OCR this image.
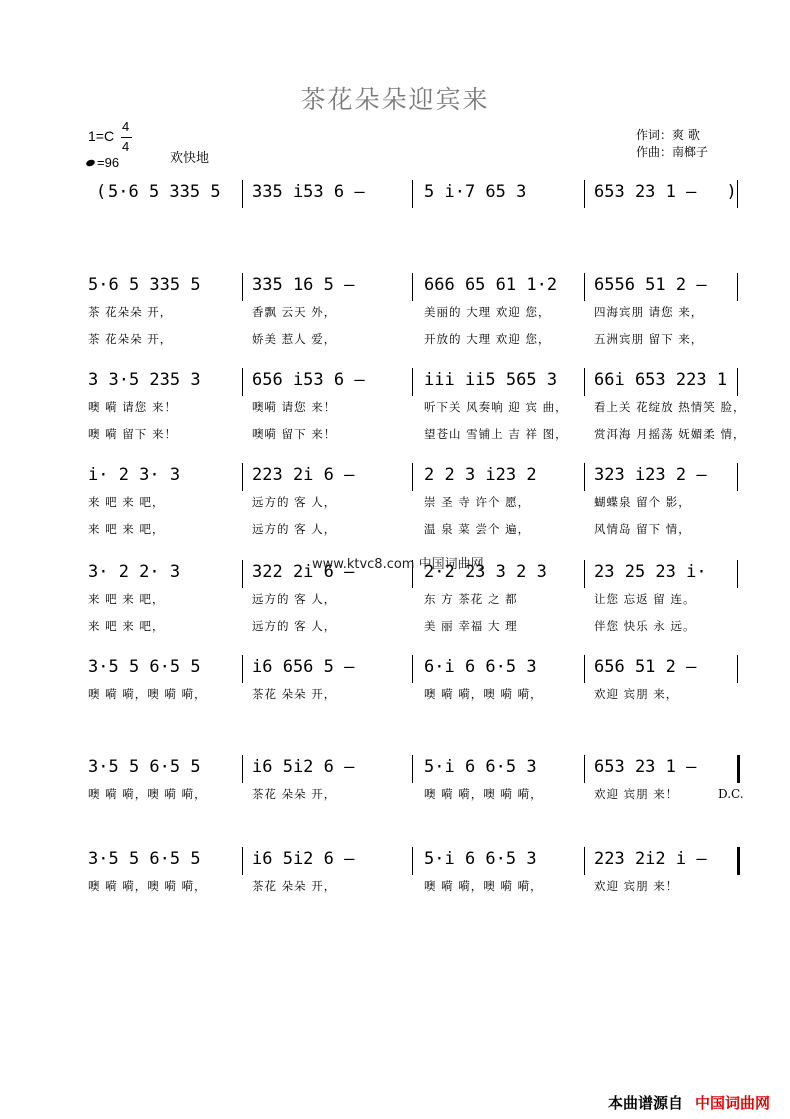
茶花朵朵迎宾来
1=C
4
4
=96	欢快地
作词：爽 歌
作曲：南榔子
(	)
5·6 5 335 5 335 i53 6 –	5 i·7 65 3	653 23 1 –
5·6 5 335 5
茶 花朵朵 开，
茶 花朵朵 开，
335 16 5 –
香飘 云天 外，
娇美 惹人 爱，
666 65 61 1·2
美丽的 大理 欢迎 您，
开放的 大理 欢迎 您，
6556 51 2 –
四海宾朋 请您 来，
五洲宾朋 留下 来，
3 3·5 235 3
噢 嗬 请您 来！
噢 嗬 留下 来！
656 i53 6 –
噢嗬 请您 来！
噢嗬 留下 来！
iii ii5 565 3
听下关 风奏响 迎 宾 曲，
望苍山 雪铺上 吉 祥 图，
66i 653 223 1
看上关 花绽放 热情笑 脸，
赏洱海 月摇荡 妩媚柔 情，
i· 2 3· 3
来 吧 来 吧，
来 吧 来 吧，
223 2i 6 –
远方的 客 人，
远方的 客 人，
2 2 3 i23 2
崇 圣 寺 许个 愿，
温 泉 菜 尝个 遍，
323 i23 2 –
蝴蝶泉 留个 影，
风情岛 留下 情，
3· 2 2· 3
来 吧 来 吧，
来 吧 来 吧，
322 2i 6 –
远方的 客 人，
远方的 客 人，
2·2 23 3 2 3
东 方 茶花 之 都
美 丽 幸福 大 理
23 25 23 i·
让您 忘返 留 连。
伴您 快乐 永 远。
3·5 5 6·5 5
噢 嗬 嗬，噢 嗬 嗬，
i6 656 5 –
茶花 朵朵 开，
6·i 6 6·5 3
噢 嗬 嗬，噢 嗬 嗬，
656 51 2 –
欢迎 宾朋 来，
3·5 5 6·5 5
噢 嗬 嗬，噢 嗬 嗬，
i6 5i2 6 –
茶花 朵朵 开，
5·i 6 6·5 3
噢 嗬 嗬，噢 嗬 嗬，
653 23 1 –
欢迎 宾朋 来！
3·5 5 6·5 5
噢 嗬 嗬，噢 嗬 嗬，
i6 5i2 6 –
茶花 朵朵 开，
5·i 6 6·5 3
噢 嗬 嗬，噢 嗬 嗬，
223 2i2 i –
欢迎 宾朋 来！
www.ktvc8.com 中国词曲网
D.C.
本曲谱源自 中国词曲网
